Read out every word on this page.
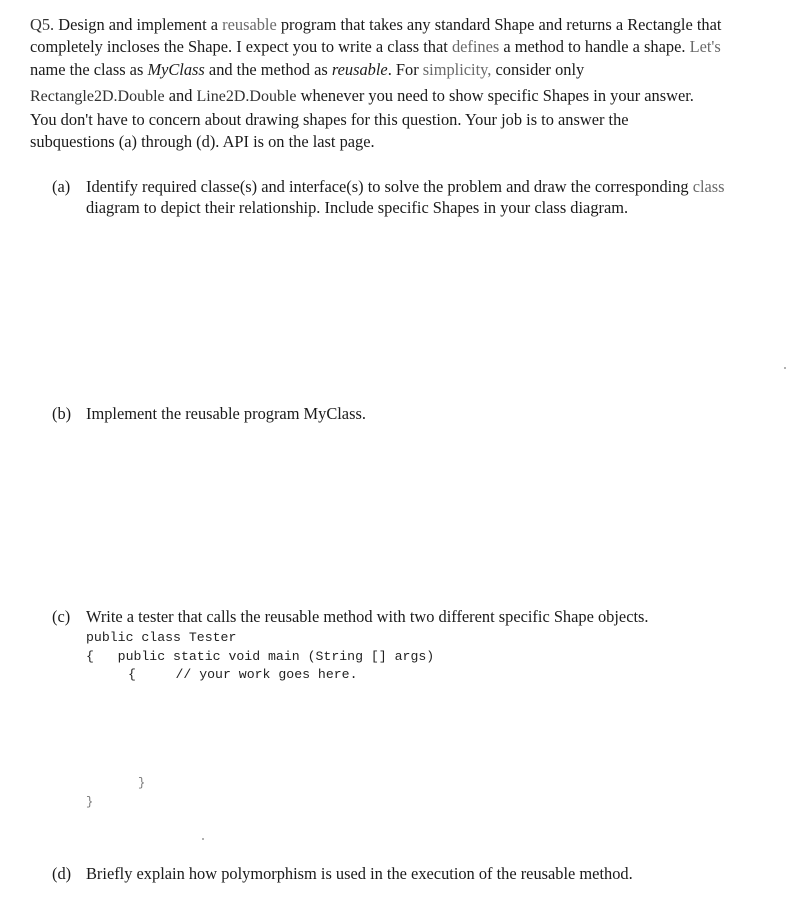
Q5. Design and implement a reusable program that takes any standard Shape and returns a Rectangle that

completely incloses the Shape. I expect you to write a class that defines a method to handle a shape. Let's

name the class as MyClass and the method as reusable. For simplicity, consider only

Rectangle2D.Double and Line2D.Double whenever you need to show specific Shapes in your answer.

You don't have to concern about drawing shapes for this question. Your job is to answer the

subquestions (a) through (d). API is on the last page.

(a) Identify required classe(s) and interface(s) to solve the problem and draw the corresponding class
diagram to depict their relationship. Include specific Shapes in your class diagram.
(b) Implement the reusable program MyClass.
(c) Write a tester that calls the reusable method with two different specific Shape objects.
public class Tester
{   public static void main (String [] args)
{     // your work goes here.
}
}
(d) Briefly explain how polymorphism is used in the execution of the reusable method.
